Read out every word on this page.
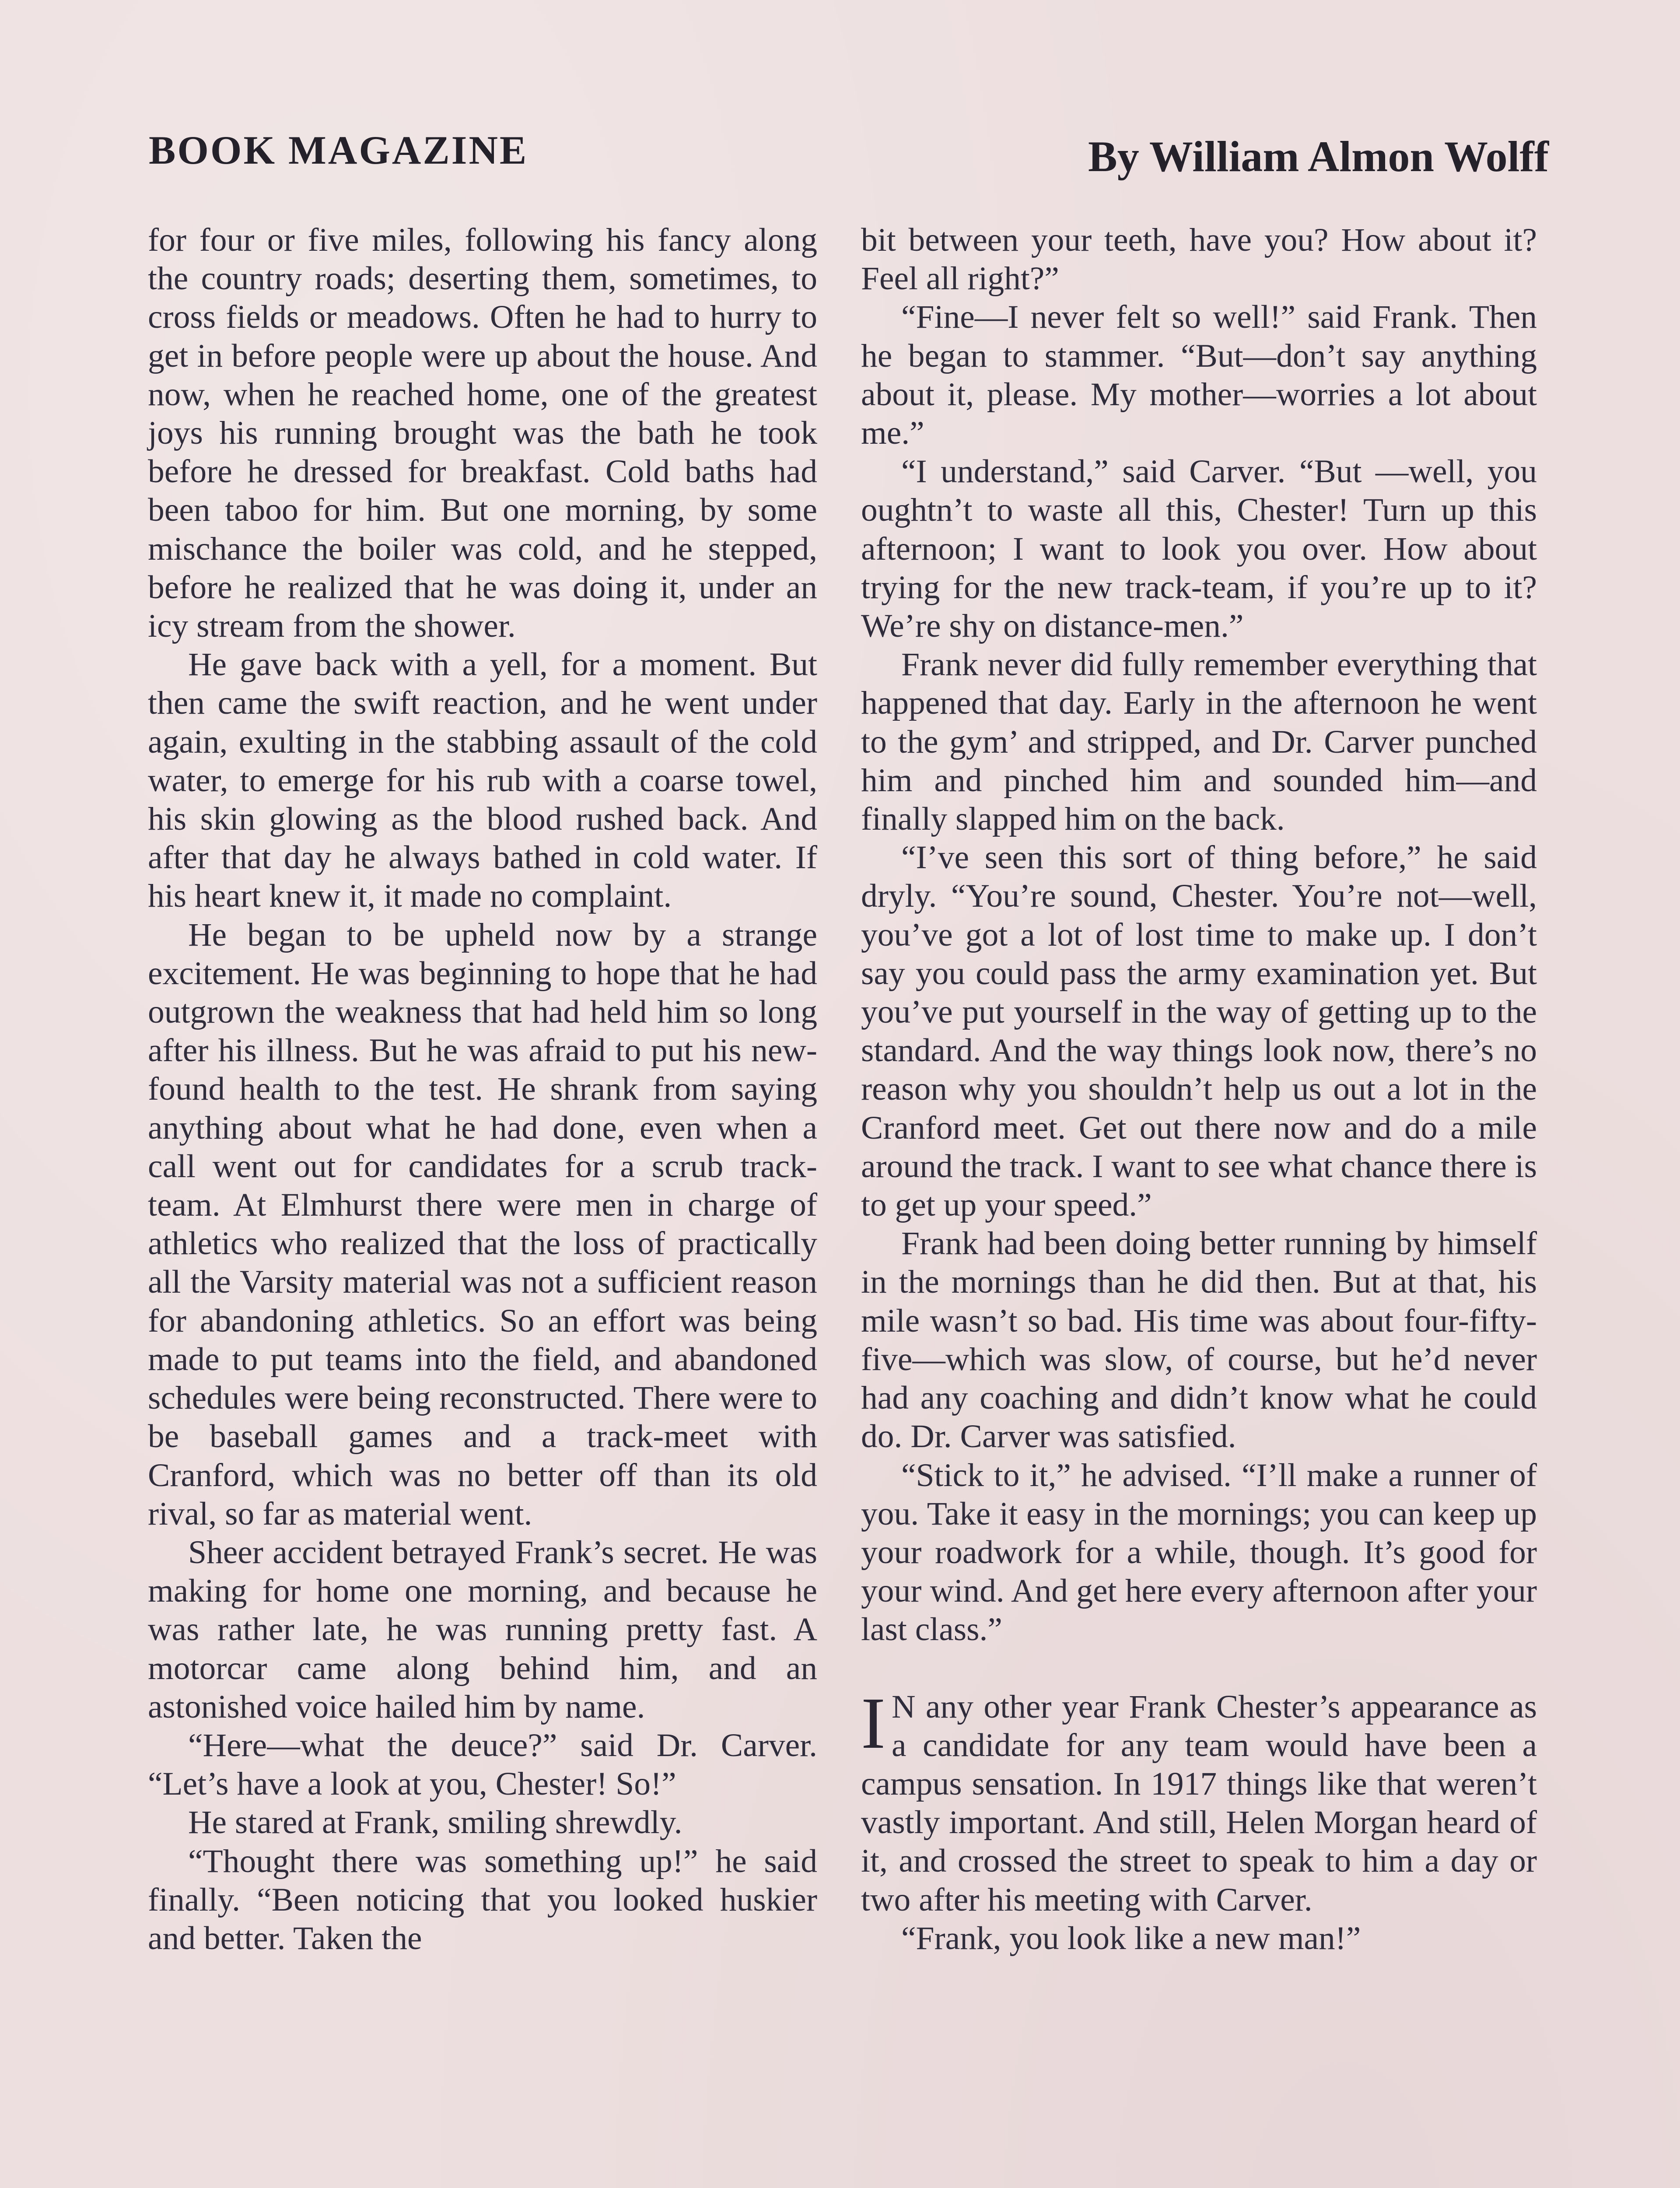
BOOK MAGAZINE	By William Almon Wolff

for four or five miles, following his fancy along the country roads; deserting them, sometimes, to cross fields or meadows. Often he had to hurry to get in before people were up about the house. And now, when he reached home, one of the greatest joys his running brought was the bath he took before he dressed for breakfast. Cold baths had been taboo for him. But one morning, by some mischance the boiler was cold, and he stepped, before he realized that he was doing it, under an icy stream from the shower.

He gave back with a yell, for a moment. But then came the swift reaction, and he went under again, exulting in the stabbing assault of the cold water, to emerge for his rub with a coarse towel, his skin glowing as the blood rushed back. And after that day he always bathed in cold water. If his heart knew it, it made no complaint.

He began to be upheld now by a strange excitement. He was beginning to hope that he had outgrown the weakness that had held him so long after his illness. But he was afraid to put his new-found health to the test. He shrank from saying anything about what he had done, even when a call went out for candidates for a scrub track-team. At Elmhurst there were men in charge of athletics who realized that the loss of practically all the Varsity material was not a sufficient reason for abandoning athletics. So an effort was being made to put teams into the field, and abandoned schedules were being reconstructed. There were to be baseball games and a track-meet with Cranford, which was no better off than its old rival, so far as material went.

Sheer accident betrayed Frank’s secret. He was making for home one morning, and because he was rather late, he was running pretty fast. A motorcar came along behind him, and an astonished voice hailed him by name.

“Here—what the deuce?” said Dr. Carver. “Let’s have a look at you, Chester! So!”

He stared at Frank, smiling shrewdly.

“Thought there was something up!” he said finally. “Been noticing that you looked huskier and better. Taken the

bit between your teeth, have you? How about it? Feel all right?”

“Fine—I never felt so well!” said Frank. Then he began to stammer. “But—don’t say anything about it, please. My mother—worries a lot about me.”

“I understand,” said Carver. “But —well, you oughtn’t to waste all this, Chester! Turn up this afternoon; I want to look you over. How about trying for the new track-team, if you’re up to it? We’re shy on distance-men.”

Frank never did fully remember everything that happened that day. Early in the afternoon he went to the gym’ and stripped, and Dr. Carver punched him and pinched him and sounded him—and finally slapped him on the back.

“I’ve seen this sort of thing before,” he said dryly. “You’re sound, Chester. You’re not—well, you’ve got a lot of lost time to make up. I don’t say you could pass the army examination yet. But you’ve put yourself in the way of getting up to the standard. And the way things look now, there’s no reason why you shouldn’t help us out a lot in the Cranford meet. Get out there now and do a mile around the track. I want to see what chance there is to get up your speed.”

Frank had been doing better running by himself in the mornings than he did then. But at that, his mile wasn’t so bad. His time was about four-fifty-five—which was slow, of course, but he’d never had any coaching and didn’t know what he could do. Dr. Carver was satisfied.

“Stick to it,” he advised. “I’ll make a runner of you. Take it easy in the mornings; you can keep up your roadwork for a while, though. It’s good for your wind. And get here every afternoon after your last class.”

I N any other year Frank Chester’s appearance as a candidate for any team would have been a campus sensation. In 1917 things like that weren’t vastly important. And still, Helen Morgan heard of it, and crossed the street to speak to him a day or two after his meeting with Carver.

“Frank, you look like a new man!”
